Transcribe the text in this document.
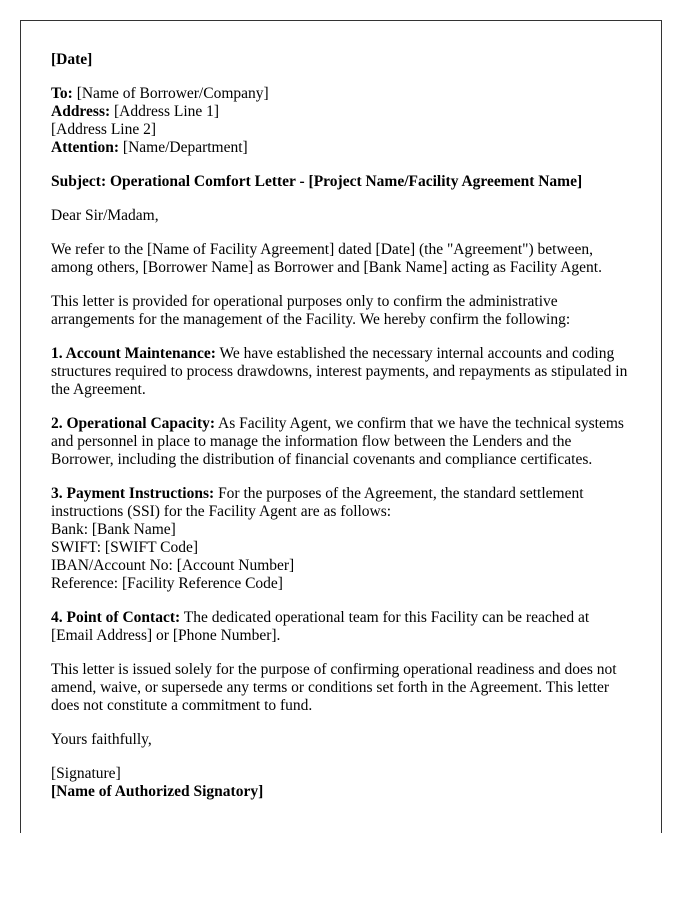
[Date]

To: [Name of Borrower/Company]
Address: [Address Line 1]
[Address Line 2]
Attention: [Name/Department]

Subject: Operational Comfort Letter - [Project Name/Facility Agreement Name]

Dear Sir/Madam,

We refer to the [Name of Facility Agreement] dated [Date] (the "Agreement") between, among others, [Borrower Name] as Borrower and [Bank Name] acting as Facility Agent.

This letter is provided for operational purposes only to confirm the administrative arrangements for the management of the Facility. We hereby confirm the following:

1. Account Maintenance: We have established the necessary internal accounts and coding structures required to process drawdowns, interest payments, and repayments as stipulated in the Agreement.

2. Operational Capacity: As Facility Agent, we confirm that we have the technical systems and personnel in place to manage the information flow between the Lenders and the Borrower, including the distribution of financial covenants and compliance certificates.

3. Payment Instructions: For the purposes of the Agreement, the standard settlement instructions (SSI) for the Facility Agent are as follows:
Bank: [Bank Name]
SWIFT: [SWIFT Code]
IBAN/Account No: [Account Number]
Reference: [Facility Reference Code]

4. Point of Contact: The dedicated operational team for this Facility can be reached at [Email Address] or [Phone Number].

This letter is issued solely for the purpose of confirming operational readiness and does not amend, waive, or supersede any terms or conditions set forth in the Agreement. This letter does not constitute a commitment to fund.

Yours faithfully,

[Signature]
[Name of Authorized Signatory]
